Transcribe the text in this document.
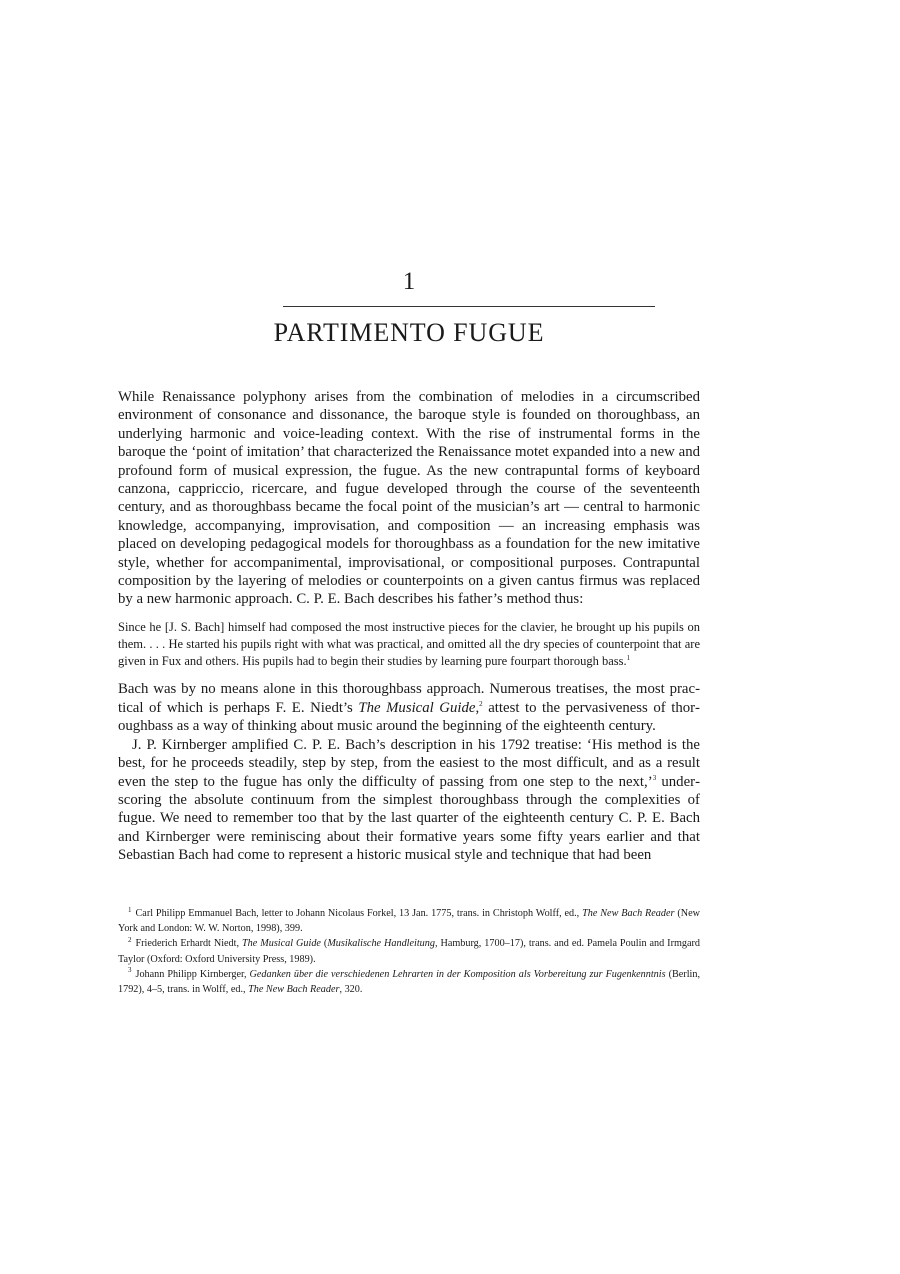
1
PARTIMENTO FUGUE

While Renaissance polyphony arises from the combination of melodies in a circumscribed environment of consonance and dissonance, the baroque style is founded on thoroughbass, an underlying harmonic and voice-leading context. With the rise of instrumental forms in the baroque the ‘point of imitation’ that characterized the Renaissance motet expanded into a new and profound form of musical expression, the fugue. As the new contrapuntal forms of keyboard canzona, cappriccio, ricercare, and fugue developed through the course of the seventeenth century, and as thoroughbass became the focal point of the musician’s art — central to harmonic knowledge, accompanying, improvisation, and composition — an increasing emphasis was placed on developing pedagogical models for thoroughbass as a foundation for the new imitative style, whether for accompanimental, improvisational, or compositional purposes. Contrapuntal composition by the layering of melodies or counterpoints on a given cantus firmus was replaced by a new harmonic approach. C. P. E. Bach describes his father’s method thus:

Since he [J. S. Bach] himself had composed the most instructive pieces for the clavier, he brought up his pupils on them. . . . He started his pupils right with what was practical, and omitted all the dry species of counterpoint that are given in Fux and others. His pupils had to begin their studies by learning pure fourpart thorough bass.$^1$

Bach was by no means alone in this thoroughbass approach. Numerous treatises, the most practical of which is perhaps F. E. Niedt’s The Musical Guide,$^2$ attest to the pervasiveness of thoroughbass as a way of thinking about music around the beginning of the eighteenth century.

J. P. Kirnberger amplified C. P. E. Bach’s description in his 1792 treatise: ‘His method is the best, for he proceeds steadily, step by step, from the easiest to the most difficult, and as a result even the step to the fugue has only the difficulty of passing from one step to the next,’$^3$ underscoring the absolute continuum from the simplest thoroughbass through the complexities of fugue. We need to remember too that by the last quarter of the eighteenth century C. P. E. Bach and Kirnberger were reminiscing about their formative years some fifty years earlier and that Sebastian Bach had come to represent a historic musical style and technique that had been

$^1$ Carl Philipp Emmanuel Bach, letter to Johann Nicolaus Forkel, 13 Jan. 1775, trans. in Christoph Wolff, ed., The New Bach Reader (New York and London: W. W. Norton, 1998), 399.

$^2$ Friederich Erhardt Niedt, The Musical Guide (Musikalische Handleitung, Hamburg, 1700–17), trans. and ed. Pamela Poulin and Irmgard Taylor (Oxford: Oxford University Press, 1989).

$^3$ Johann Philipp Kirnberger, Gedanken über die verschiedenen Lehrarten in der Komposition als Vorbereitung zur Fugenkenntnis (Berlin, 1792), 4–5, trans. in Wolff, ed., The New Bach Reader, 320.
